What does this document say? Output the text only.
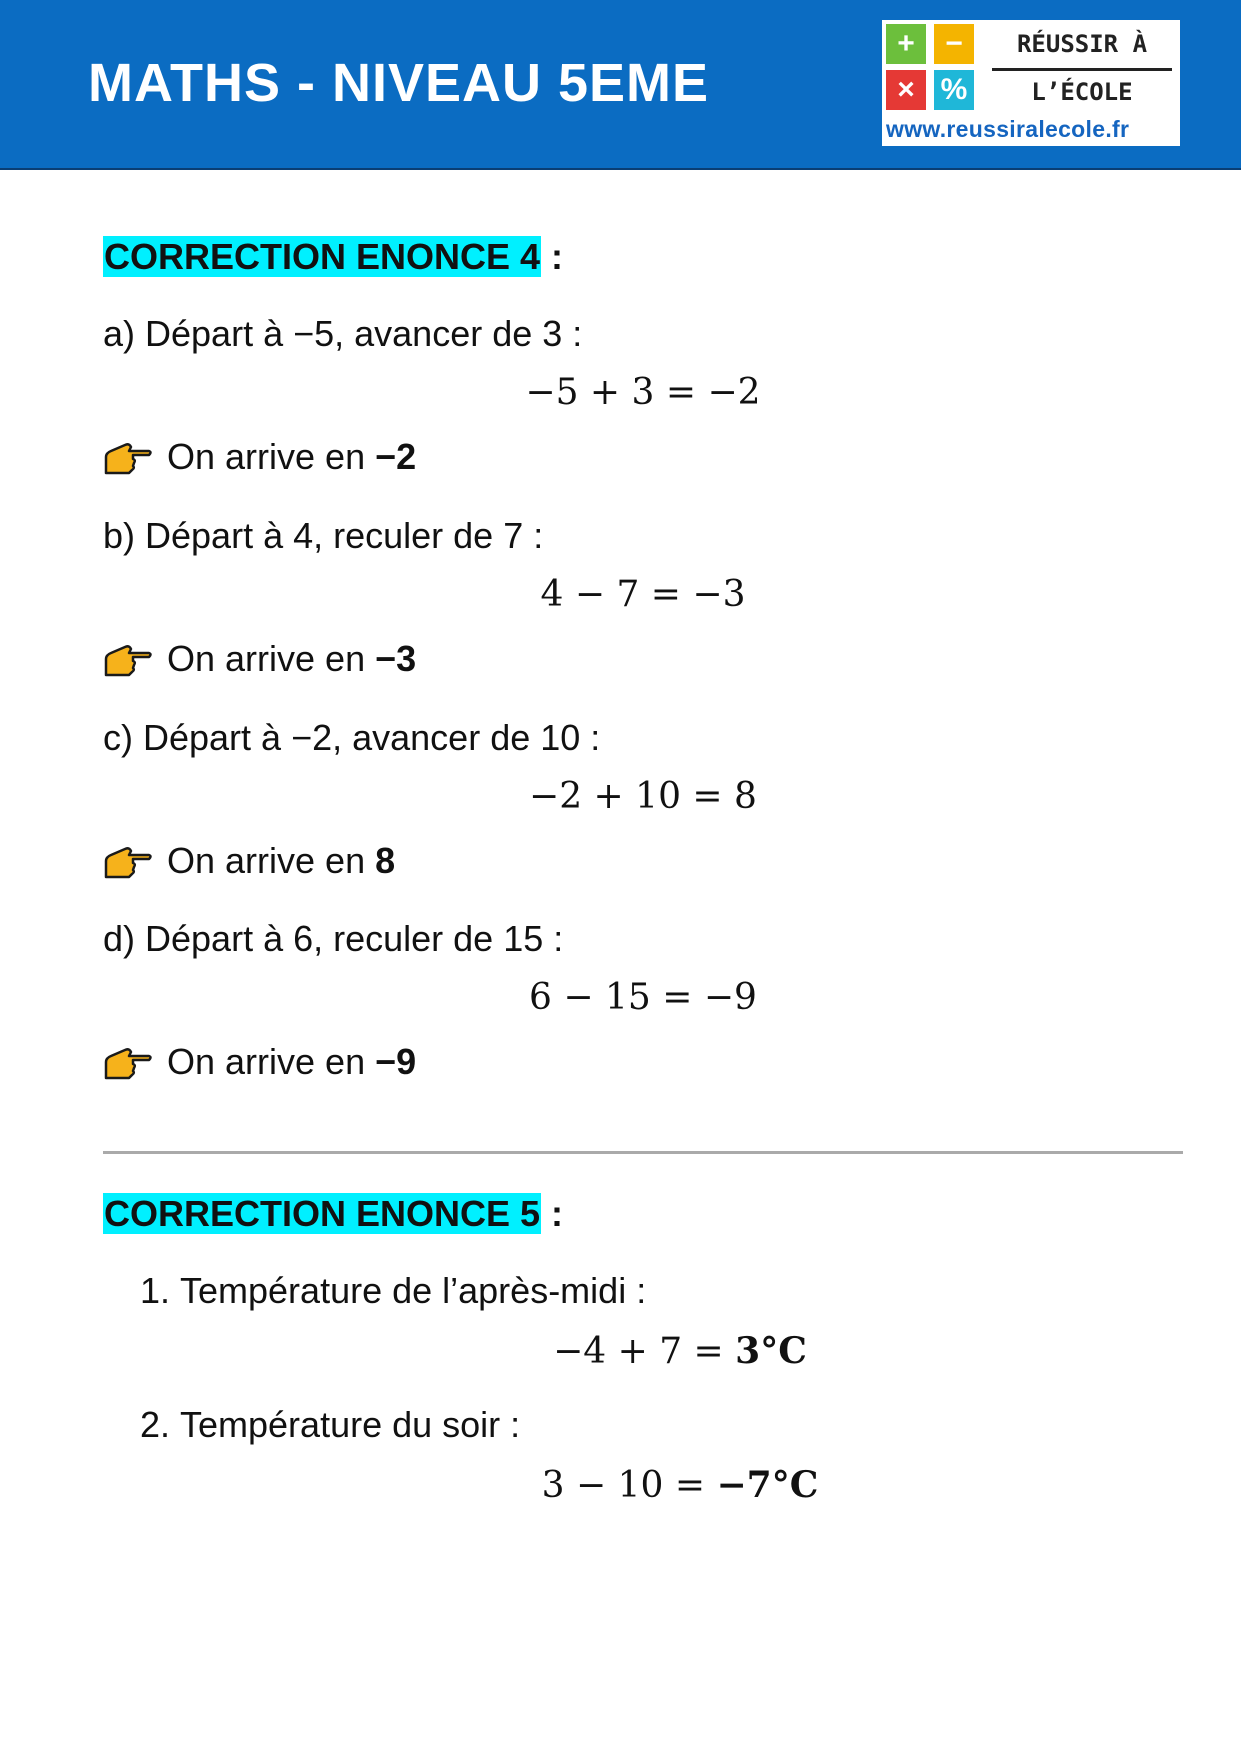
MATHS - NIVEAU 5EME
+	−
× %
RÉUSSIR À
L’ÉCOLE
www.reussiralecole.fr
CORRECTION ENONCE 4 :
a) Départ à −5, avancer de 3 :
−5 + 3 = −2
On arrive en −2
b) Départ à 4, reculer de 7 :
4 − 7 = −3
On arrive en −3
c) Départ à −2, avancer de 10 :
−2 + 10 = 8
On arrive en 8
d) Départ à 6, reculer de 15 :
6 − 15 = −9
On arrive en −9
CORRECTION ENONCE 5 :
1. Température de l’après-midi :
−4 + 7 = 3°C
2. Température du soir :
3 − 10 = −7°C
